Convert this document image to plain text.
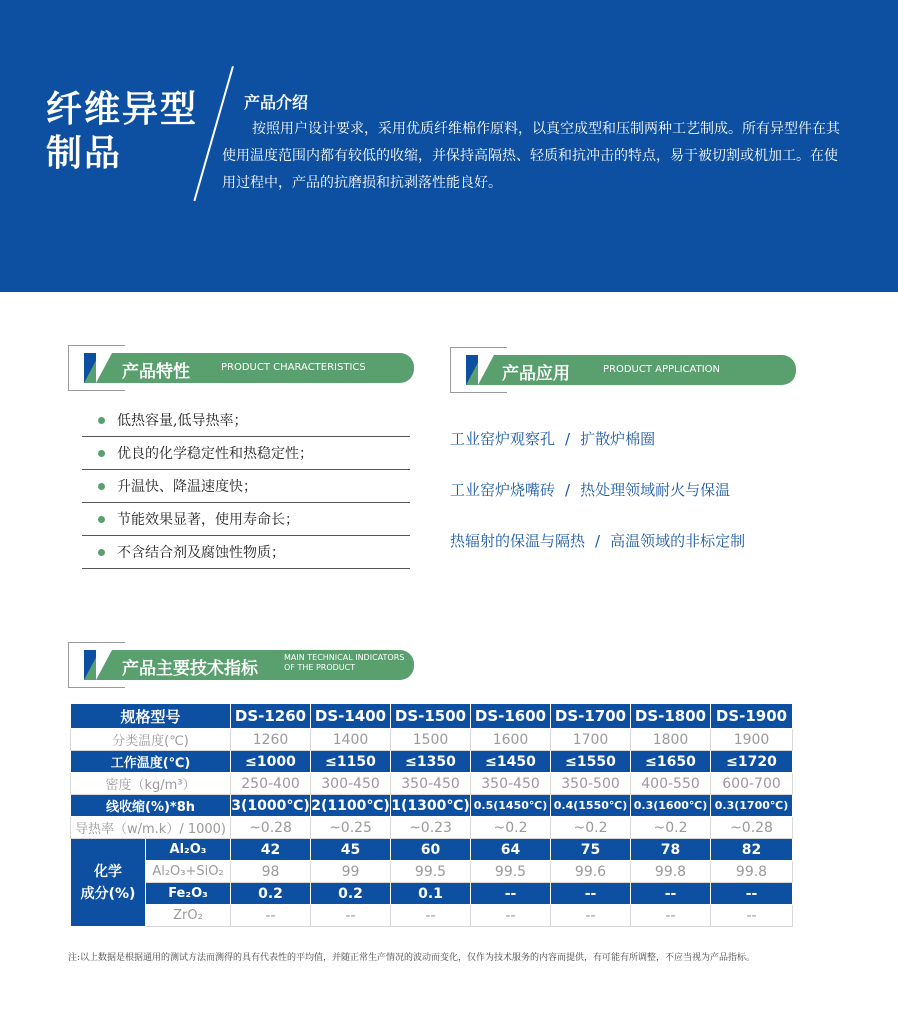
纤维异型
制品
产品介绍

按照用户设计要求，采用优质纤维棉作原料，以真空成型和压制两种工艺制成。所有异型件在其使用温度范围内都有较低的收缩，并保持高隔热、轻质和抗冲击的特点，易于被切割或机加工。在使用过程中，产品的抗磨损和抗剥落性能良好。

产品特性	PRODUCT CHARACTERISTICS
低热容量,低导热率；
优良的化学稳定性和热稳定性；
升温快、降温速度快；
节能效果显著，使用寿命长；
不含结合剂及腐蚀性物质；
产品应用	PRODUCT APPLICATION
工业窑炉观察孔 / 扩散炉棉圈
工业窑炉烧嘴砖 / 热处理领域耐火与保温
热辐射的保温与隔热 / 高温领域的非标定制
产品主要技术指标
MAIN TECHNICAL INDICATORS
OF THE PRODUCT
规格型号		DS-1260	DS-1400	DS-1500	DS-1600	DS-1700	DS-1800	DS-1900
分类温度(℃)		1260	1400	1500	1600	1700	1800	1900
工作温度(℃)		≤1000	≤1150	≤1350	≤1450	≤1550	≤1650	≤1720
密度（kg/m³）		250-400	300-450	350-450	350-450	350-500	400-550	600-700
线收缩(%)*8h		3(1000℃)	2(1100℃)	1(1300℃)	0.5(1450℃)	0.4(1550℃)	0.3(1600℃)	0.3(1700℃)
导热率（w/m.k）/ 1000)		~0.28	~0.25	~0.23	~0.2	~0.2	~0.2	~0.28

化学
成分(%)	Al₂O₃	42	45	60	64	75	78	82
	Al₂O₃+SiO₂	98	99	99.5	99.5	99.6	99.8	99.8
	Fe₂O₃	0.2	0.2	0.1	--	--	--	--
	ZrO₂	--	--	--	--	--	--	--

注:以上数据是根据通用的测试方法而测得的具有代表性的平均值，并随正常生产情况的波动而变化，仅作为技术服务的内容而提供，有可能有所调整，不应当视为产品指标。
